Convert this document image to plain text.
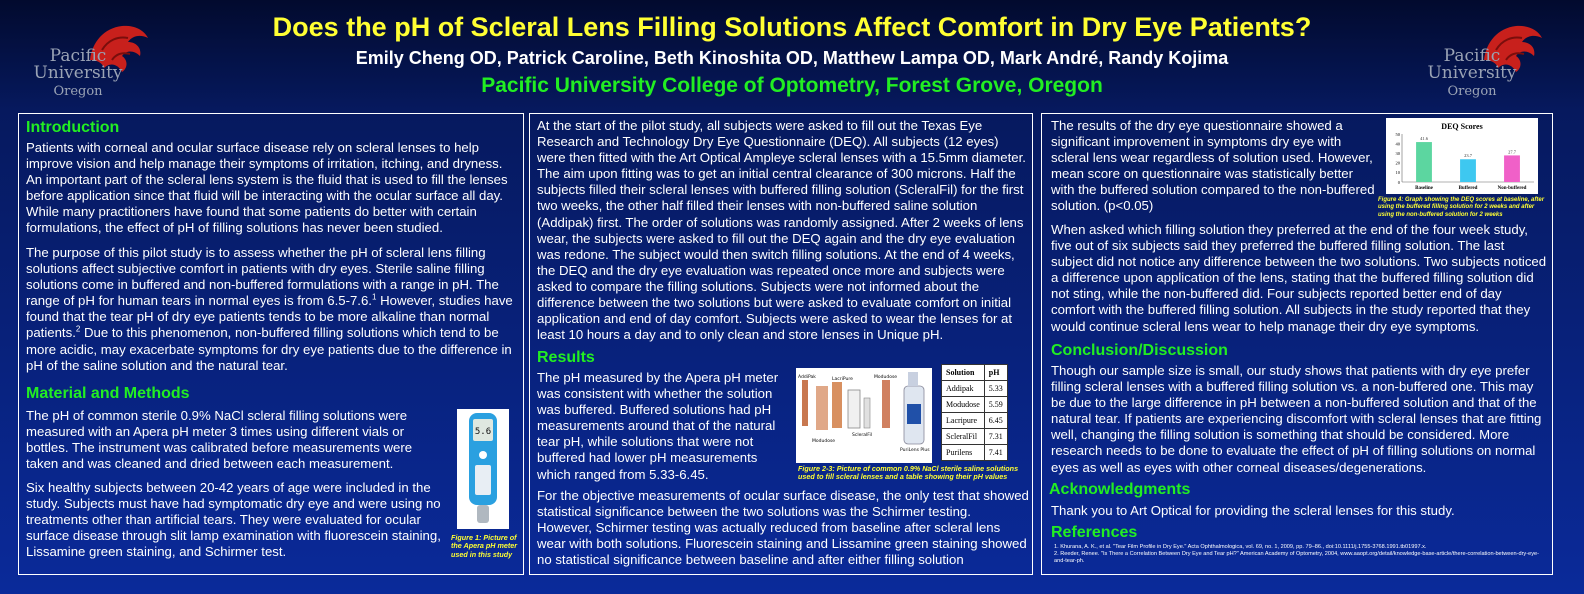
Pacific
University
Oregon
Pacific
University
Oregon
Does the pH of Scleral Lens Filling Solutions Affect Comfort in Dry Eye Patients?
Emily Cheng OD, Patrick Caroline, Beth Kinoshita OD, Matthew Lampa OD, Mark André, Randy Kojima
Pacific University College of Optometry, Forest Grove, Oregon
Introduction
Patients with corneal and ocular surface disease rely on scleral lenses to help improve vision and help manage their symptoms of irritation, itching, and dryness. An important part of the scleral lens system is the fluid that is used to fill the lenses before application since that fluid will be interacting with the ocular surface all day. While many practitioners have found that some patients do better with certain formulations, the effect of pH of filling solutions has never been studied.
The purpose of this pilot study is to assess whether the pH of scleral lens filling solutions affect subjective comfort in patients with dry eyes. Sterile saline filling solutions come in buffered and non-buffered formulations with a range in pH. The range of pH for human tears in normal eyes is from 6.5-7.6.$^1$ However, studies have found that the tear pH of dry eye patients tends to be more alkaline than normal patients.$^2$ Due to this phenomenon, non-buffered filling solutions which tend to be more acidic, may exacerbate symptoms for dry eye patients due to the difference in pH of the saline solution and the natural tear.
Material and Methods
The pH of common sterile 0.9% NaCl scleral filling solutions were measured with an Apera pH meter 3 times using different vials or bottles. The instrument was calibrated before measurements were taken and was cleaned and dried between each measurement.
Six healthy subjects between 20-42 years of age were included in the study. Subjects must have had symptomatic dry eye and were using no treatments other than artificial tears. They were evaluated for ocular surface disease through slit lamp examination with fluorescein staining, Lissamine green staining, and Schirmer test.
5.6
Figure 1: Picture of the Apera pH meter used in this study
At the start of the pilot study, all subjects were asked to fill out the Texas Eye Research and Technology Dry Eye Questionnaire (DEQ). All subjects (12 eyes) were then fitted with the Art Optical Ampleye scleral lenses with a 15.5mm diameter. The aim upon fitting was to get an initial central clearance of 300 microns. Half the subjects filled their scleral lenses with buffered filling solution (ScleralFil) for the first two weeks, the other half filled their lenses with non-buffered saline solution (Addipak) first. The order of solutions was randomly assigned. After 2 weeks of lens wear, the subjects were asked to fill out the DEQ again and the dry eye evaluation was redone. The subject would then switch filling solutions. At the end of 4 weeks, the DEQ and the dry eye evaluation was repeated once more and subjects were asked to compare the filling solutions. Subjects were not informed about the difference between the two solutions but were asked to evaluate comfort on initial application and end of day comfort. Subjects were asked to wear the lenses for at least 10 hours a day and to only clean and store lenses in Unique pH.
Results
The pH measured by the Apera pH meter was consistent with whether the solution was buffered. Buffered solutions had pH measurements around that of the natural tear pH, while solutions that were not buffered had lower pH measurements which ranged from 5.33-6.45.
AddiPak	LacriPure	Modudose
Modudose
ScleralFil
PuriLens Plus
Solution	pH
Addipak	5.33
Modudose	5.59
Lacripure	6.45
ScleralFil	7.31
Purilens	7.41
Figure 2-3: Picture of common 0.9% NaCl sterile saline solutions used to fill scleral lenses and a table showing their pH values
For the objective measurements of ocular surface disease, the only test that showed statistical significance between the two solutions was the Schirmer testing. However, Schirmer testing was actually reduced from baseline after scleral lens wear with both solutions. Fluorescein staining and Lissamine green staining showed no statistical significance between baseline and after either filling solution
The results of the dry eye questionnaire showed a significant improvement in symptoms dry eye with scleral lens wear regardless of solution used. However, mean score on questionnaire was statistically better with the buffered solution compared to the non-buffered solution. (p<0.05)
DEQ Scores
0
10
20
30
40
50
41.6
Baseline
23.7
Buffered
27.7
Non-buffered
Figure 4: Graph showing the DEQ scores at baseline, after using the buffered filling solution for 2 weeks and after using the non-buffered solution for 2 weeks
When asked which filling solution they preferred at the end of the four week study, five out of six subjects said they preferred the buffered filling solution. The last subject did not notice any difference between the two solutions. Two subjects noticed a difference upon application of the lens, stating that the buffered filling solution did not sting, while the non-buffered did. Four subjects reported better end of day comfort with the buffered filling solution. All subjects in the study reported that they would continue scleral lens wear to help manage their dry eye symptoms.
Conclusion/Discussion
Though our sample size is small, our study shows that patients with dry eye prefer filling scleral lenses with a buffered filling solution vs. a non-buffered one. This may be due to the large difference in pH between a non-buffered solution and that of the natural tear. If patients are experiencing discomfort with scleral lenses that are fitting well, changing the filling solution is something that should be considered. More research needs to be done to evaluate the effect of pH of filling solutions on normal eyes as well as eyes with other corneal diseases/degenerations.
Acknowledgments
Thank you to Art Optical for providing the scleral lenses for this study.
References
1. Khurana, A. K., et al. "Tear Film Profile in Dry Eye." Acta Ophthalmologica, vol. 69, no. 1, 2009, pp. 79–86., doi:10.1111/j.1755-3768.1991.tb01997.x.
2. Reeder, Renee. "Is There a Correlation Between Dry Eye and Tear pH?" American Academy of Optometry, 2004, www.aaopt.org/detail/knowledge-base-article/there-correlation-between-dry-eye-and-tear-ph.
